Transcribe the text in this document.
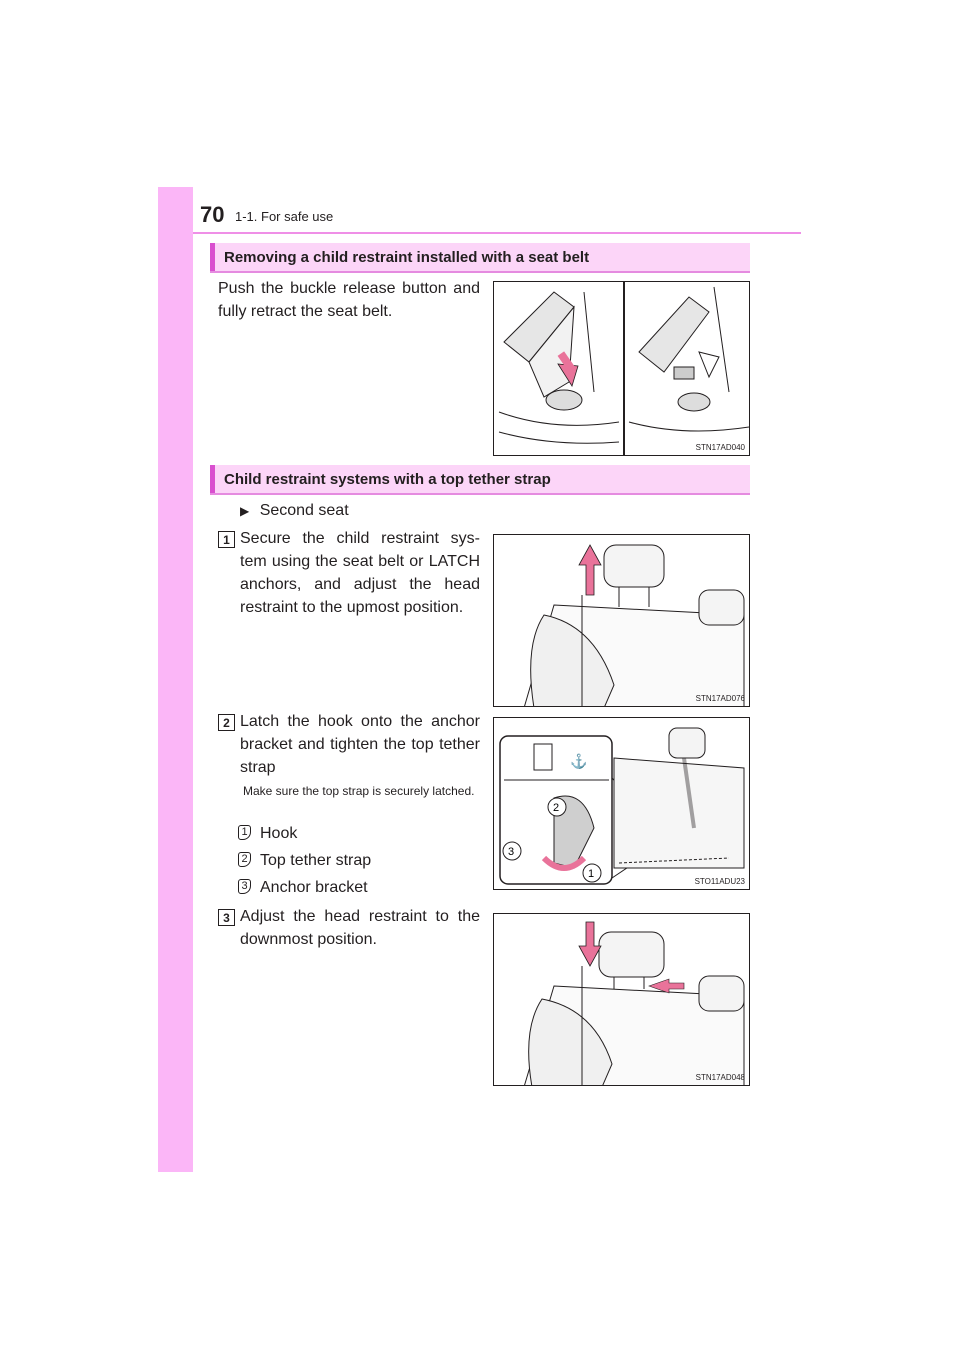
70 1-1. For safe use
Removing a child restraint installed with a seat belt
Push the buckle release button and fully retract the seat belt.
STN17AD040
Child restraint systems with a top tether strap
▶ Second seat
1 Secure the child restraint sys- tem using the seat belt or LATCH anchors, and adjust the head restraint to the upmost position.
STN17AD076
2 Latch the hook onto the anchor bracket and tighten the top tether strap
Make sure the top strap is securely latched.
1 Hook
2 Top tether strap
3 Anchor bracket
⚓
2
3
1
STO11ADU23
3 Adjust the head restraint to the downmost position.
STN17AD048
